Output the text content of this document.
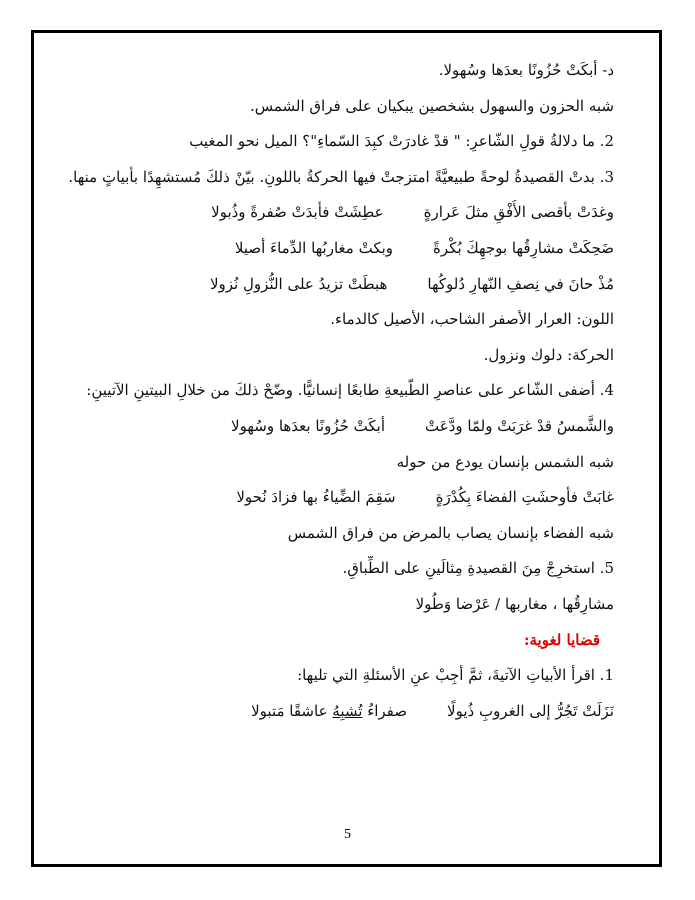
د- أبكَتْ حُزُونًا بعدَها وسُهولا.
شبه الحزون والسهول بشخصين يبكيان على فراق الشمس.
2. ما دلالةُ قولِ الشّاعرِ: " قدْ غادرَتْ كبِدَ السّماءِ"؟ الميل نحو المغيب
3. بدتْ القصيدةُ لوحةً طبيعيَّةً امتزجتْ فيها الحركةُ باللونِ. بيّنْ ذلكَ مُستشهِدًا بأبياتٍ منها.
وغدَتْ بأقصى الأُفْقِ مثلَ عَرارةٍ
عطِشَتْ فأبدَتْ صُفرةً وذُبولا
ضَحِكَتْ مشارِقُها بوجهِكَ بُكْرةً
وبكتْ مغاربُها الدِّماءَ أصيلا
مُذْ حانَ في نِصفِ النّهارِ دُلوكُها
هبطَتْ تزيدُ على النُّزولِ نُزولا
اللون: العرار الأصفر الشاحب، الأصيل كالدماء.
الحركة: دلوك ونزول.
4. أضفى الشّاعر على عناصرِ الطّبيعةِ طابعًا إنسانيًّا. وضّحْ ذلكَ من خلالِ البيتينِ الآتيينِ:
والشَّمسُ قدْ غرَبَتْ ولمّا ودَّعَتْ
أبكَتْ حُزُونًا بعدَها وسُهولا
شبه الشمس بإنسان يودع من حوله
غابَتْ فأوحشَتِ الفضاءَ بِكُدْرَةٍ
سَقِمَ الضِّياءُ بها فزادَ نُحولا
شبه الفضاء بإنسان يصاب بالمرض من فراق الشمس
5. استخرِجْ مِنَ القصيدةِ مِثالَينِ على الطِّباقِ.
مشارِقُها ، مغاربها / عَرْضا وَطُولا
قضايا لغوية:
1. اقرأ الأبياتِ الآتيةَ، ثمَّ أجِبْ عنِ الأسئلةِ التي تليها:
نَزَلَتْ تَجُرُّ إلى الغروبِ ذُيولًا
صفراءُ تُشبِهُ عاشقًا مَتبولا
5
